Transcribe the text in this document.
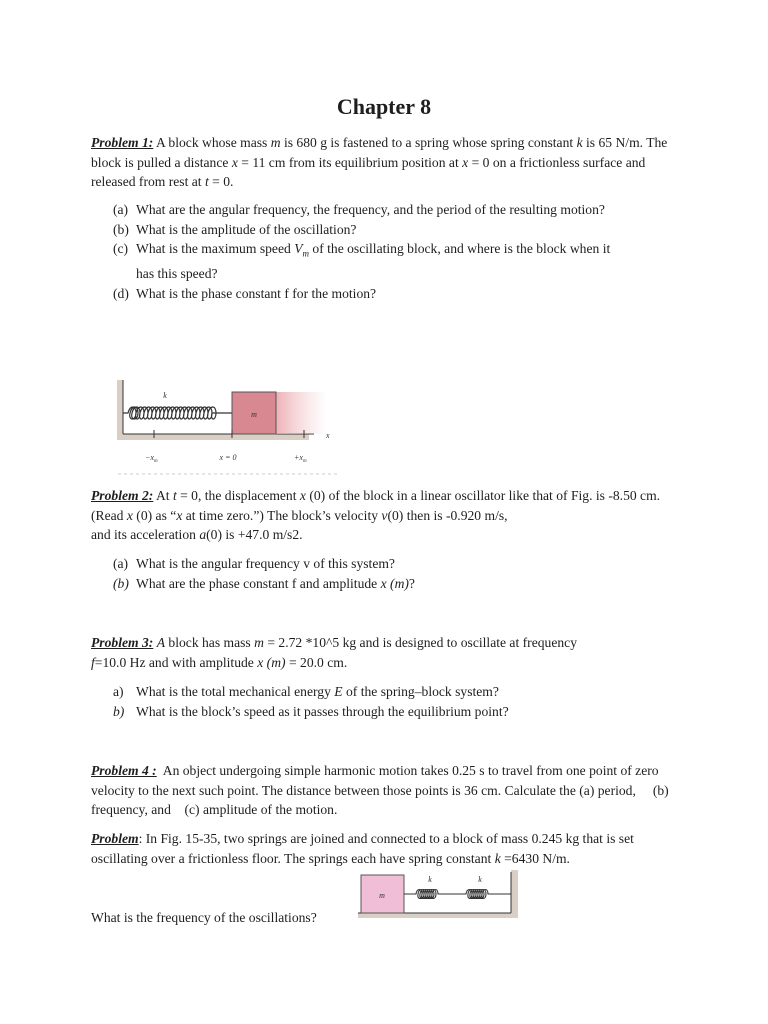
Chapter 8
Problem 1: A block whose mass m is 680 g is fastened to a spring whose spring constant k is 65 N/m. The block is pulled a distance x = 11 cm from its equilibrium position at x = 0 on a frictionless surface and released from rest at t = 0.
(a) What are the angular frequency, the frequency, and the period of the resulting motion?
(b) What is the amplitude of the oscillation?
(c) What is the maximum speed $V_m$ of the oscillating block, and where is the block when it
has this speed?
(d) What is the phase constant f for the motion?
m
k
x
$-x_m$	x = 0	$+x_m$
Problem 2: At t = 0, the displacement x (0) of the block in a linear oscillator like that of Fig. is -8.50 cm. (Read x (0) as “x at time zero.”) The block’s velocity v(0) then is -0.920 m/s,
and its acceleration a(0) is +47.0 m/s2.
(a) What is the angular frequency v of this system?
(b) What are the phase constant f and amplitude x (m)?
Problem 3: A block has mass m = 2.72 *10^5 kg and is designed to oscillate at frequency
f=10.0 Hz and with amplitude x (m) = 20.0 cm.
a) What is the total mechanical energy E of the spring–block system?
b) What is the block’s speed as it passes through the equilibrium point?
Problem 4 :  An object undergoing simple harmonic motion takes 0.25 s to travel from one point of zero velocity to the next such point. The distance between those points is 36 cm. Calculate the (a) period,     (b) frequency, and    (c) amplitude of the motion.
Problem: In Fig. 15-35, two springs are joined and connected to a block of mass 0.245 kg that is set oscillating over a frictionless floor. The springs each have spring constant k =6430 N/m.
m
k	k
What is the frequency of the oscillations?
